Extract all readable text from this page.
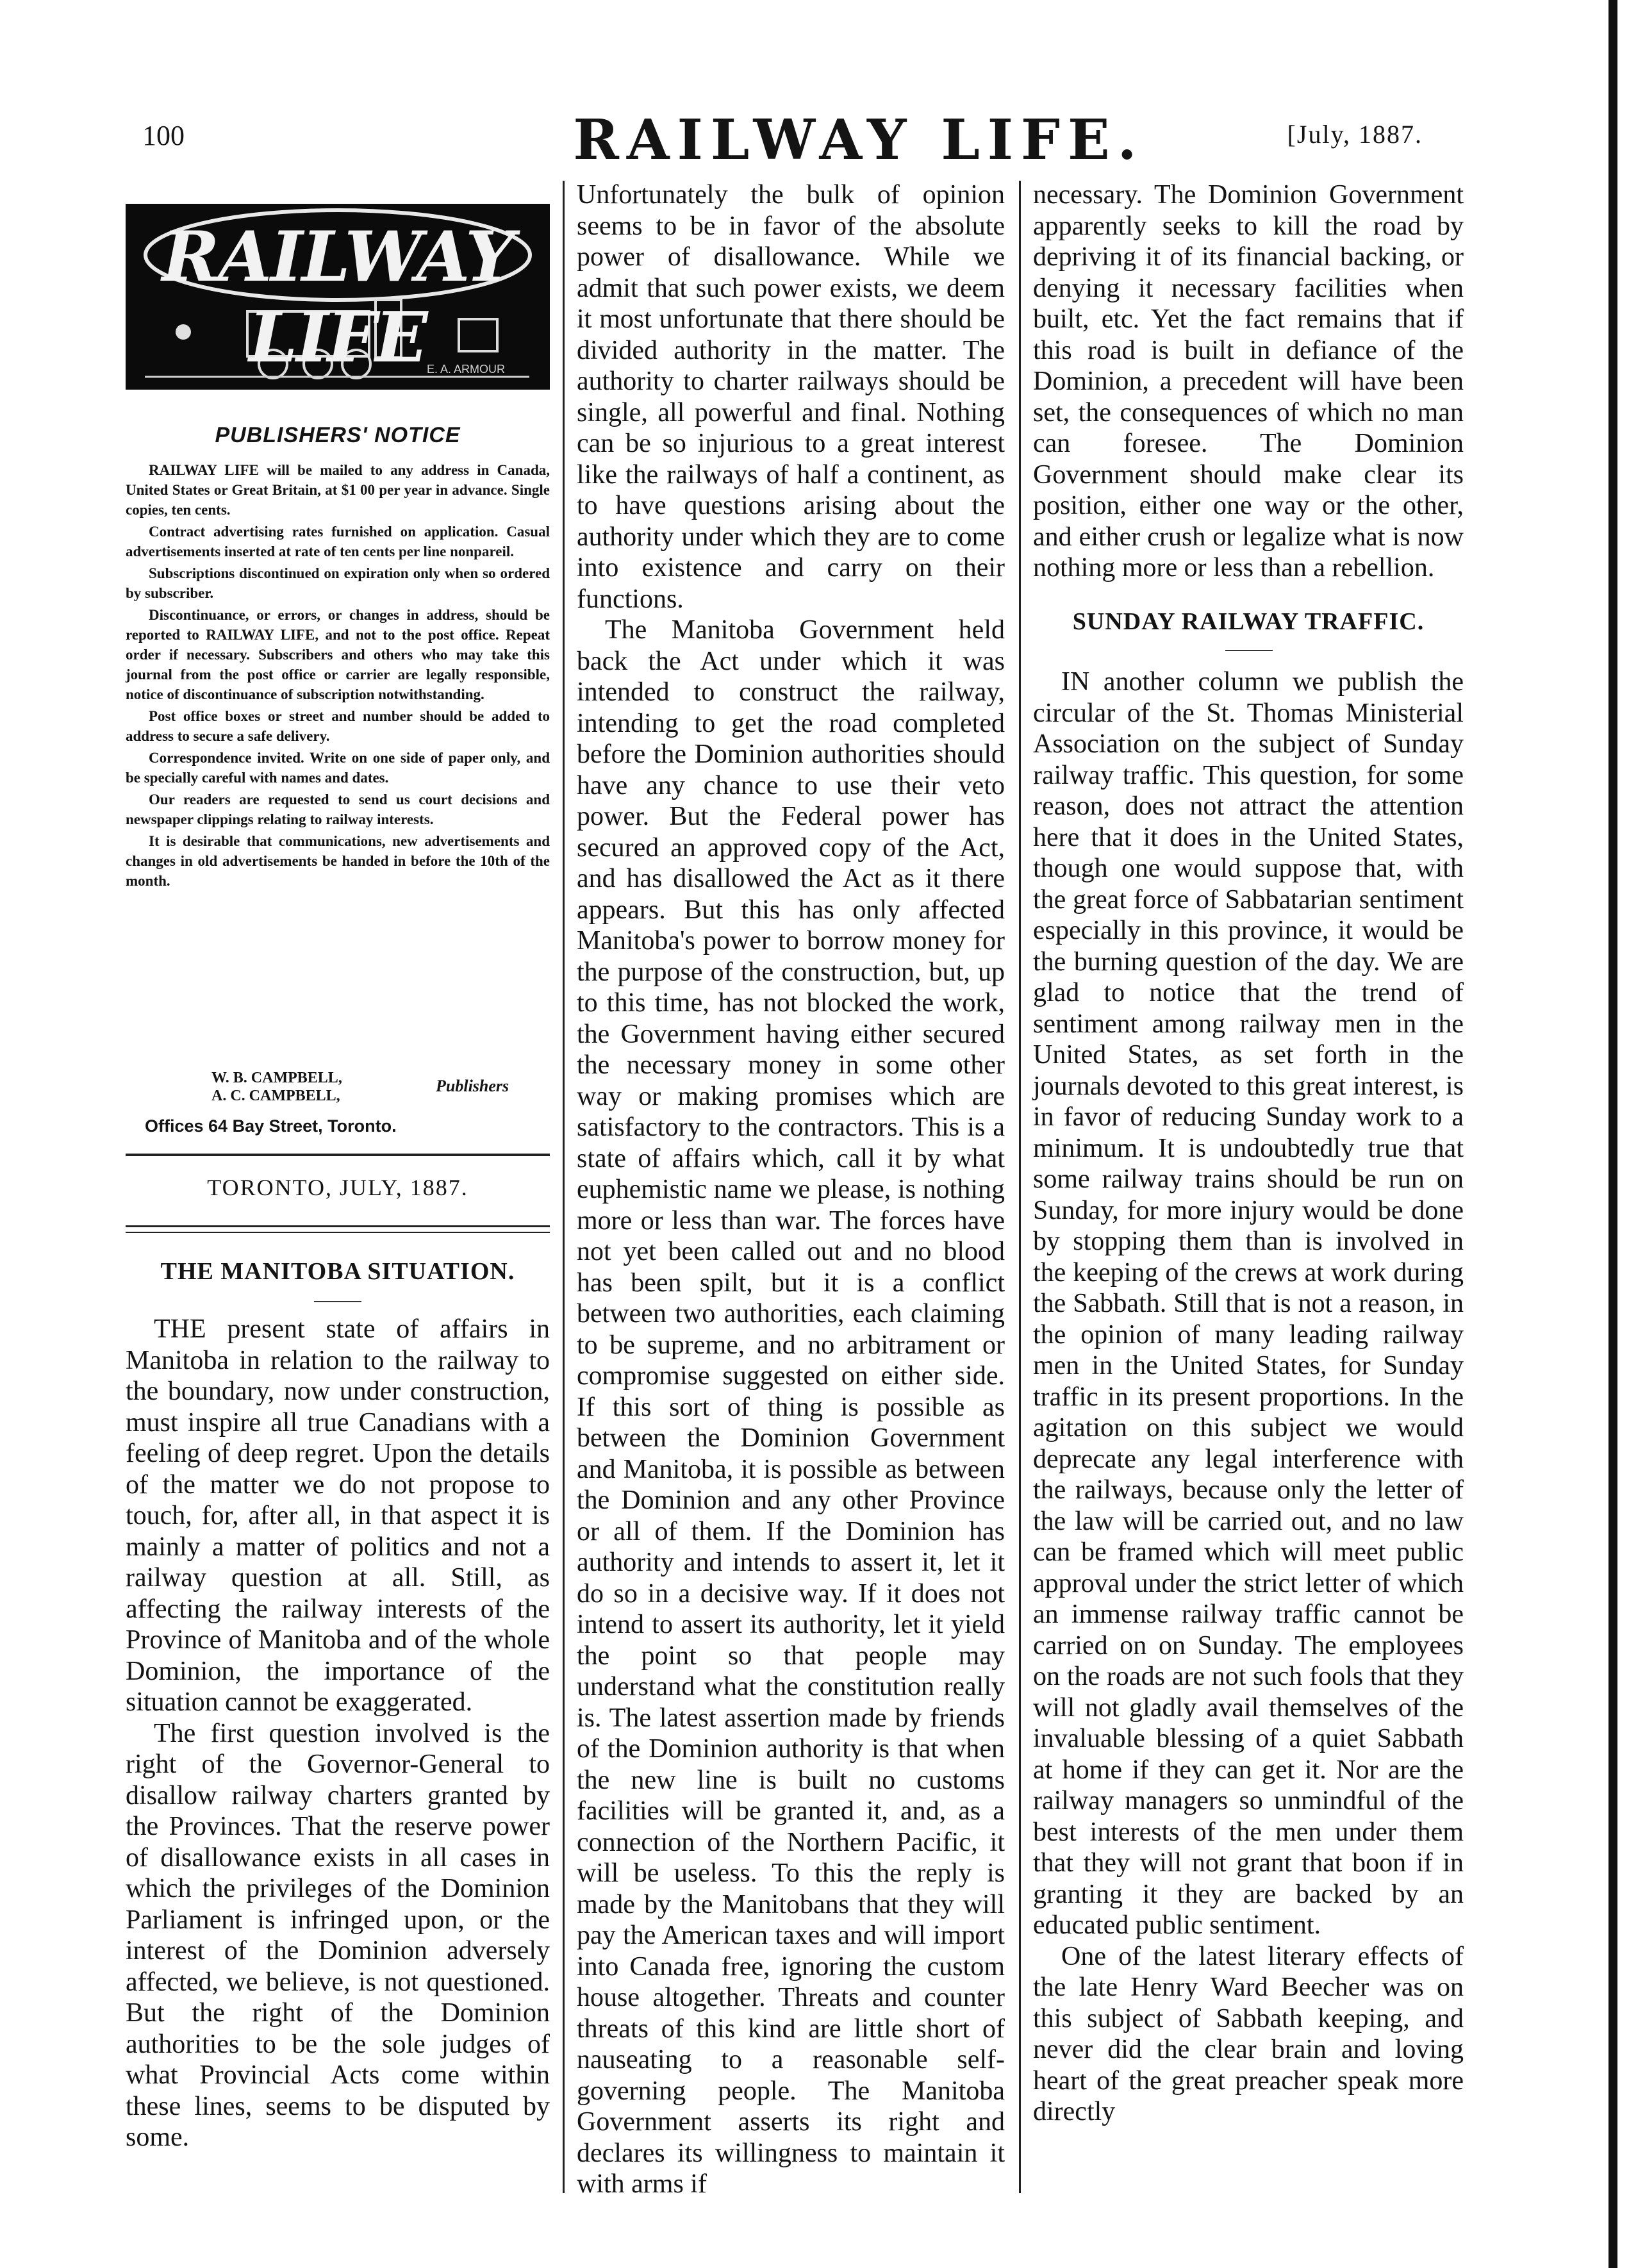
100	RAILWAY LIFE.	[July, 1887.
RAILWAY LIFE E. A. ARMOUR
PUBLISHERS' NOTICE

RAILWAY LIFE will be mailed to any address in Canada, United States or Great Britain, at $1 00 per year in advance. Single copies, ten cents.

Contract advertising rates furnished on application. Casual advertisements inserted at rate of ten cents per line nonpareil.

Subscriptions discontinued on expiration only when so ordered by subscriber.

Discontinuance, or errors, or changes in address, should be reported to RAILWAY LIFE, and not to the post office. Repeat order if necessary. Subscribers and others who may take this journal from the post office or carrier are legally responsible, notice of discontinuance of subscription notwithstanding.

Post office boxes or street and number should be added to address to secure a safe delivery.

Correspondence invited. Write on one side of paper only, and be specially careful with names and dates.

Our readers are requested to send us court decisions and newspaper clippings relating to railway interests.

It is desirable that communications, new advertisements and changes in old advertisements be handed in before the 10th of the month.

W. B. CAMPBELL,
A. C. CAMPBELL,
Publishers
Offices 64 Bay Street, Toronto.
TORONTO, JULY, 1887.
THE MANITOBA SITUATION.

THE present state of affairs in Manitoba in relation to the railway to the boundary, now under construction, must inspire all true Canadians with a feeling of deep regret. Upon the details of the matter we do not propose to touch, for, after all, in that aspect it is mainly a matter of politics and not a railway question at all. Still, as affecting the railway interests of the Province of Manitoba and of the whole Dominion, the importance of the situation cannot be exaggerated.

The first question involved is the right of the Governor-General to disallow railway charters granted by the Provinces. That the reserve power of disallowance exists in all cases in which the privileges of the Dominion Parliament is infringed upon, or the interest of the Dominion adversely affected, we believe, is not questioned. But the right of the Dominion authorities to be the sole judges of what Provincial Acts come within these lines, seems to be disputed by some.

Unfortunately the bulk of opinion seems to be in favor of the absolute power of disallowance. While we admit that such power exists, we deem it most unfortunate that there should be divided authority in the matter. The authority to charter railways should be single, all powerful and final. Nothing can be so injurious to a great interest like the railways of half a continent, as to have questions arising about the authority under which they are to come into existence and carry on their functions.

The Manitoba Government held back the Act under which it was intended to construct the railway, intending to get the road completed before the Dominion authorities should have any chance to use their veto power. But the Federal power has secured an approved copy of the Act, and has disallowed the Act as it there appears. But this has only affected Manitoba's power to borrow money for the purpose of the construction, but, up to this time, has not blocked the work, the Government having either secured the necessary money in some other way or making promises which are satisfactory to the contractors. This is a state of affairs which, call it by what euphemistic name we please, is nothing more or less than war. The forces have not yet been called out and no blood has been spilt, but it is a conflict between two authorities, each claiming to be supreme, and no arbitrament or compromise suggested on either side. If this sort of thing is possible as between the Dominion Government and Manitoba, it is possible as between the Dominion and any other Province or all of them. If the Dominion has authority and intends to assert it, let it do so in a decisive way. If it does not intend to assert its authority, let it yield the point so that people may understand what the constitution really is. The latest assertion made by friends of the Dominion authority is that when the new line is built no customs facilities will be granted it, and, as a connection of the Northern Pacific, it will be useless. To this the reply is made by the Manitobans that they will pay the American taxes and will import into Canada free, ignoring the custom house altogether. Threats and counter threats of this kind are little short of nauseating to a reasonable self-governing people. The Manitoba Government asserts its right and declares its willingness to maintain it with arms if

necessary. The Dominion Government apparently seeks to kill the road by depriving it of its financial backing, or denying it necessary facilities when built, etc. Yet the fact remains that if this road is built in defiance of the Dominion, a precedent will have been set, the consequences of which no man can foresee. The Dominion Government should make clear its position, either one way or the other, and either crush or legalize what is now nothing more or less than a rebellion.

SUNDAY RAILWAY TRAFFIC.

IN another column we publish the circular of the St. Thomas Ministerial Association on the subject of Sunday railway traffic. This question, for some reason, does not attract the attention here that it does in the United States, though one would suppose that, with the great force of Sabbatarian sentiment especially in this province, it would be the burning question of the day. We are glad to notice that the trend of sentiment among railway men in the United States, as set forth in the journals devoted to this great interest, is in favor of reducing Sunday work to a minimum. It is undoubtedly true that some railway trains should be run on Sunday, for more injury would be done by stopping them than is involved in the keeping of the crews at work during the Sabbath. Still that is not a reason, in the opinion of many leading railway men in the United States, for Sunday traffic in its present proportions. In the agitation on this subject we would deprecate any legal interference with the railways, because only the letter of the law will be carried out, and no law can be framed which will meet public approval under the strict letter of which an immense railway traffic cannot be carried on on Sunday. The employees on the roads are not such fools that they will not gladly avail themselves of the invaluable blessing of a quiet Sabbath at home if they can get it. Nor are the railway managers so unmindful of the best interests of the men under them that they will not grant that boon if in granting it they are backed by an educated public sentiment.

One of the latest literary effects of the late Henry Ward Beecher was on this subject of Sabbath keeping, and never did the clear brain and loving heart of the great preacher speak more directly
